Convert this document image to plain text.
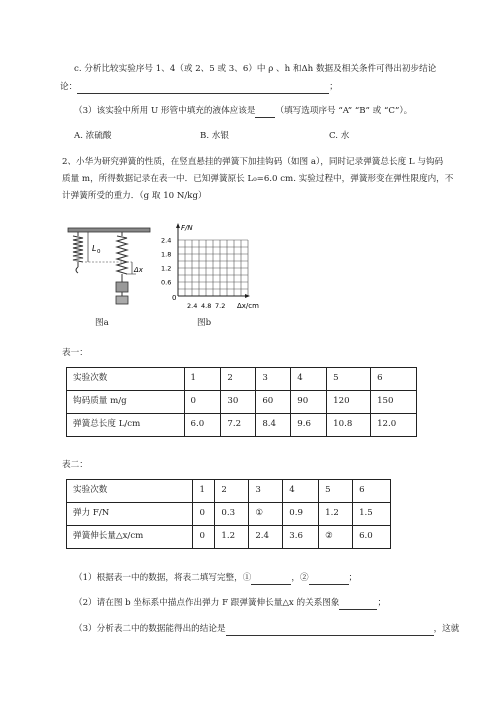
c. 分析比较实验序号 1、4（或 2、5 或 3、6）中 ρ 、h 和Δh 数据及相关条件可得出初步结论
论：	；
（3）该实验中所用 U 形管中填充的液体应该是 （填写选项序号 “A” “B” 或 “C”）。
A. 浓硫酸	B. 水银	C. 水
2、小华为研究弹簧的性质，在竖直悬挂的弹簧下加挂钩码（如图 a），同时记录弹簧总长度 L 与钩码
质量 m，所得数据记录在表一中．已知弹簧原长 L₀=6.0 cm. 实验过程中，弹簧形变在弹性限度内，不
计弹簧所受的重力．（g 取 10 N/kg）
L 0
Δx
图a
F/N
0
2.4
1.8
1.2
0.6
2.4 4.8 7.2 Δx/cm
图b
表一：
实验次数	1	2	3	4	5	6
钩码质量 m/g	0	30	60	90	120	150
弹簧总长度 L/cm	6.0	7.2	8.4	9.6	10.8	12.0
表二：
实验次数	1	2	3	4	5	6
弹力 F/N	0	0.3	①	0.9	1.2	1.5
弹簧伸长量△x/cm	0	1.2	2.4	3.6	②	6.0
（1）根据表一中的数据，将表二填写完整，①	，②	；
（2）请在图 b 坐标系中描点作出弹力 F 跟弹簧伸长量△x 的关系图象	；
（3）分析表二中的数据能得出的结论是	，这就
